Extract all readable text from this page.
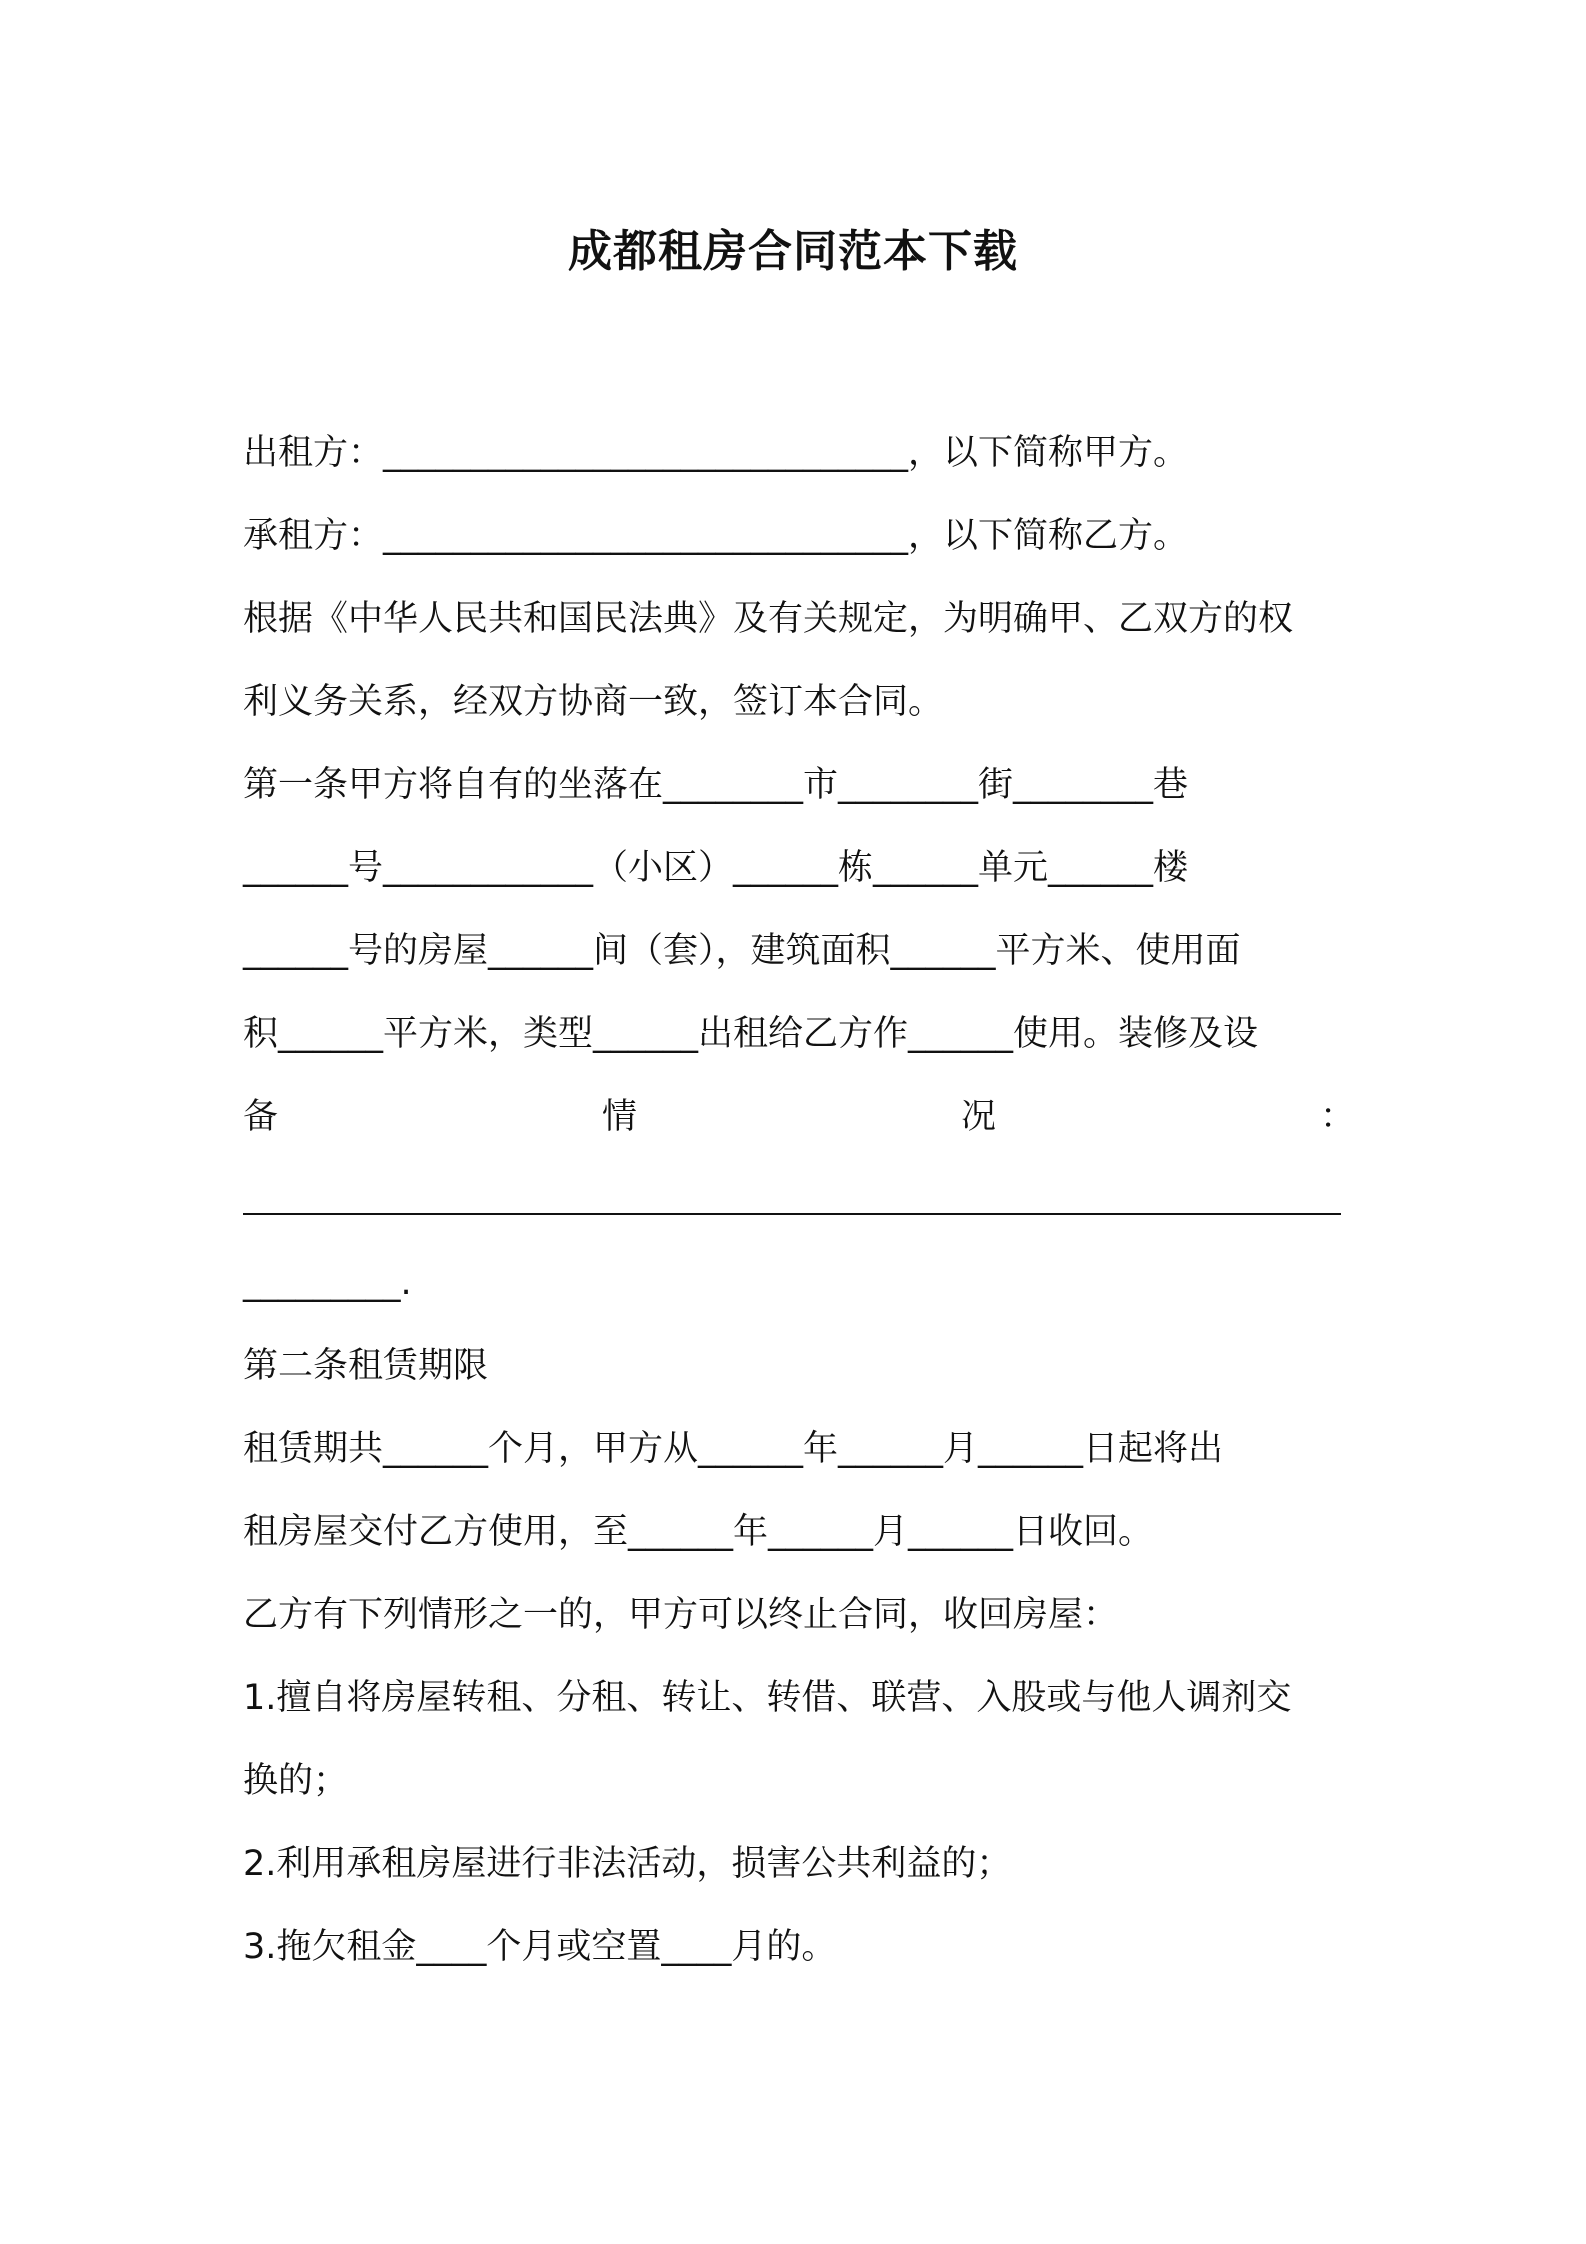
成都租房合同范本下载

出租方：______________________________，以下简称甲方。

承租方：______________________________，以下简称乙方。

根据《中华人民共和国民法典》及有关规定，为明确甲、乙双方的权

利义务关系，经双方协商一致，签订本合同。

第一条甲方将自有的坐落在________市________街________巷

______号____________（小区）______栋______单元______楼

______号的房屋______间（套），建筑面积______平方米、使用面

积______平方米，类型______出租给乙方作______使用。装修及设

备	情	况	：

_________.

第二条租赁期限

租赁期共______个月，甲方从______年______月______日起将出

租房屋交付乙方使用，至______年______月______日收回。

乙方有下列情形之一的，甲方可以终止合同，收回房屋：

1.擅自将房屋转租、分租、转让、转借、联营、入股或与他人调剂交

换的；

2.利用承租房屋进行非法活动，损害公共利益的；

3.拖欠租金____个月或空置____月的。
